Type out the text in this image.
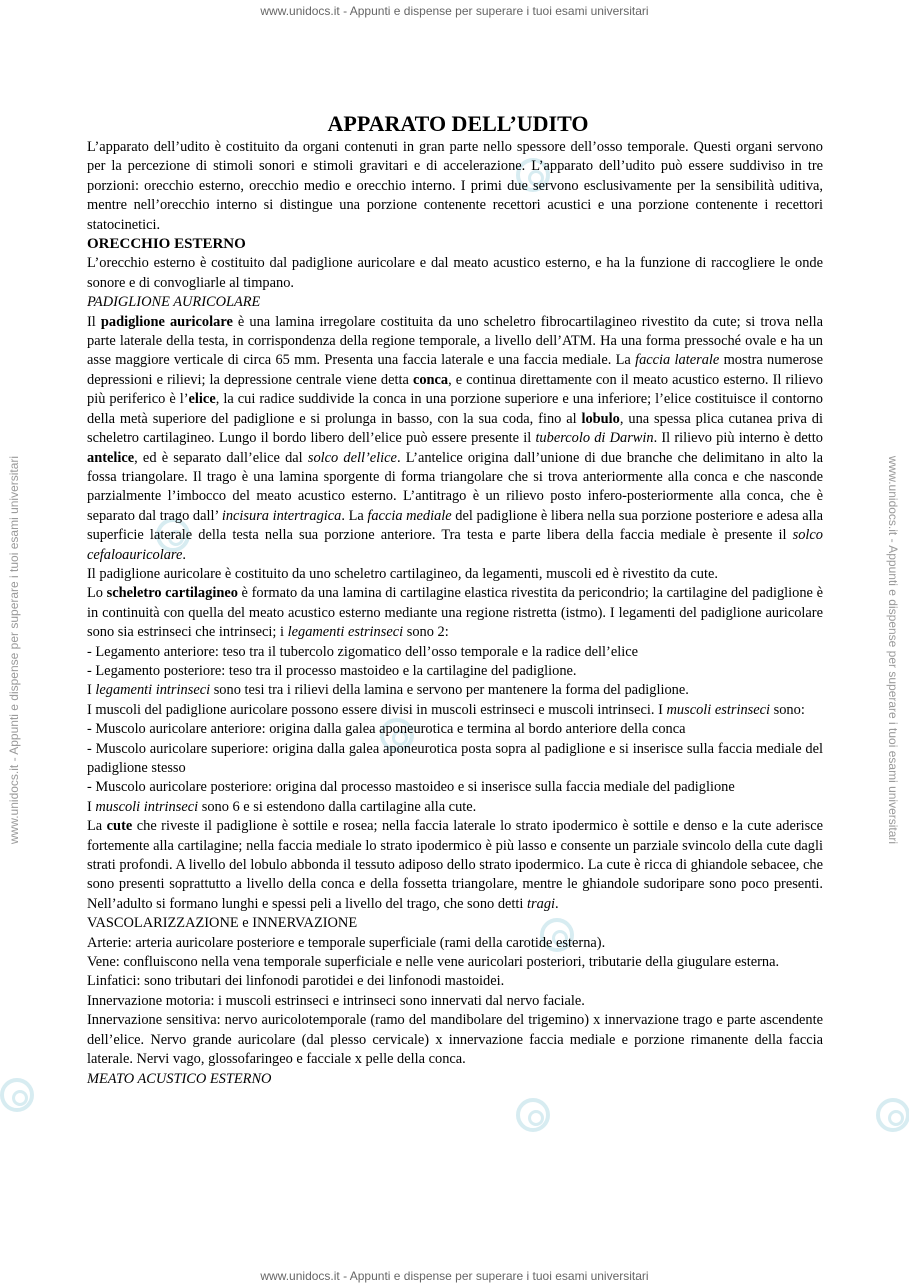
www.unidocs.it - Appunti e dispense per superare i tuoi esami universitari
www.unidocs.it - Appunti e dispense per superare i tuoi esami universitari	www.unidocs.it - Appunti e dispense per superare i tuoi esami universitari
APPARATO DELL’UDITO

L’apparato dell’udito è costituito da organi contenuti in gran parte nello spessore dell’osso temporale. Questi organi servono per la percezione di stimoli sonori e stimoli gravitari e di accelerazione. L’apparato dell’udito può essere suddiviso in tre porzioni: orecchio esterno, orecchio medio e orecchio interno. I primi due servono esclusivamente per la sensibilità uditiva, mentre nell’orecchio interno si distingue una porzione contenente recettori acustici e una porzione contenente i recettori statocinetici.

ORECCHIO ESTERNO

L’orecchio esterno è costituito dal padiglione auricolare e dal meato acustico esterno, e ha la funzione di raccogliere le onde sonore e di convogliarle al timpano.

PADIGLIONE AURICOLARE

Il padiglione auricolare è una lamina irregolare costituita da uno scheletro fibrocartilagineo rivestito da cute; si trova nella parte laterale della testa, in corrispondenza della regione temporale, a livello dell’ATM. Ha una forma pressoché ovale e ha un asse maggiore verticale di circa 65 mm. Presenta una faccia laterale e una faccia mediale. La faccia laterale mostra numerose depressioni e rilievi; la depressione centrale viene detta conca, e continua direttamente con il meato acustico esterno. Il rilievo più periferico è l’elice, la cui radice suddivide la conca in una porzione superiore e una inferiore; l’elice costituisce il contorno della metà superiore del padiglione e si prolunga in basso, con la sua coda, fino al lobulo, una spessa plica cutanea priva di scheletro cartilagineo. Lungo il bordo libero dell’elice può essere presente il tubercolo di Darwin. Il rilievo più interno è detto antelice, ed è separato dall’elice dal solco dell’elice. L’antelice origina dall’unione di due branche che delimitano in alto la fossa triangolare. Il trago è una lamina sporgente di forma triangolare che si trova anteriormente alla conca e che nasconde parzialmente l’imbocco del meato acustico esterno. L’antitrago è un rilievo posto infero-posteriormente alla conca, che è separato dal trago dall’ incisura intertragica. La faccia mediale del padiglione è libera nella sua porzione posteriore e adesa alla superficie laterale della testa nella sua porzione anteriore. Tra testa e parte libera della faccia mediale è presente il solco cefaloauricolare.

Il padiglione auricolare è costituito da uno scheletro cartilagineo, da legamenti, muscoli ed è rivestito da cute.

Lo scheletro cartilagineo è formato da una lamina di cartilagine elastica rivestita da pericondrio; la cartilagine del padiglione è in continuità con quella del meato acustico esterno mediante una regione ristretta (istmo). I legamenti del padiglione auricolare sono sia estrinseci che intrinseci; i legamenti estrinseci sono 2:

- Legamento anteriore: teso tra il tubercolo zigomatico dell’osso temporale e la radice dell’elice

- Legamento posteriore: teso tra il processo mastoideo e la cartilagine del padiglione.

I legamenti intrinseci sono tesi tra i rilievi della lamina e servono per mantenere la forma del padiglione.

I muscoli del padiglione auricolare possono essere divisi in muscoli estrinseci e muscoli intrinseci. I muscoli estrinseci sono:

- Muscolo auricolare anteriore: origina dalla galea aponeurotica e termina al bordo anteriore della conca

- Muscolo auricolare superiore: origina dalla galea aponeurotica posta sopra al padiglione e si inserisce sulla faccia mediale del padiglione stesso

- Muscolo auricolare posteriore: origina dal processo mastoideo e si inserisce sulla faccia mediale del padiglione

I muscoli intrinseci sono 6 e si estendono dalla cartilagine alla cute.

La cute che riveste il padiglione è sottile e rosea; nella faccia laterale lo strato ipodermico è sottile e denso e la cute aderisce fortemente alla cartilagine; nella faccia mediale lo strato ipodermico è più lasso e consente un parziale svincolo della cute dagli strati profondi. A livello del lobulo abbonda il tessuto adiposo dello strato ipodermico. La cute è ricca di ghiandole sebacee, che sono presenti soprattutto a livello della conca e della fossetta triangolare, mentre le ghiandole sudoripare sono poco presenti. Nell’adulto si formano lunghi e spessi peli a livello del trago, che sono detti tragi.

VASCOLARIZZAZIONE e INNERVAZIONE

Arterie: arteria auricolare posteriore e temporale superficiale (rami della carotide esterna).

Vene: confluiscono nella vena temporale superficiale e nelle vene auricolari posteriori, tributarie della giugulare esterna.

Linfatici: sono tributari dei linfonodi parotidei e dei linfonodi mastoidei.

Innervazione motoria: i muscoli estrinseci e intrinseci sono innervati dal nervo faciale.

Innervazione sensitiva: nervo auricolotemporale (ramo del mandibolare del trigemino) x innervazione trago e parte ascendente dell’elice. Nervo grande auricolare (dal plesso cervicale) x innervazione faccia mediale e porzione rimanente della faccia laterale. Nervi vago, glossofaringeo e facciale x pelle della conca.

MEATO ACUSTICO ESTERNO

www.unidocs.it - Appunti e dispense per superare i tuoi esami universitari
